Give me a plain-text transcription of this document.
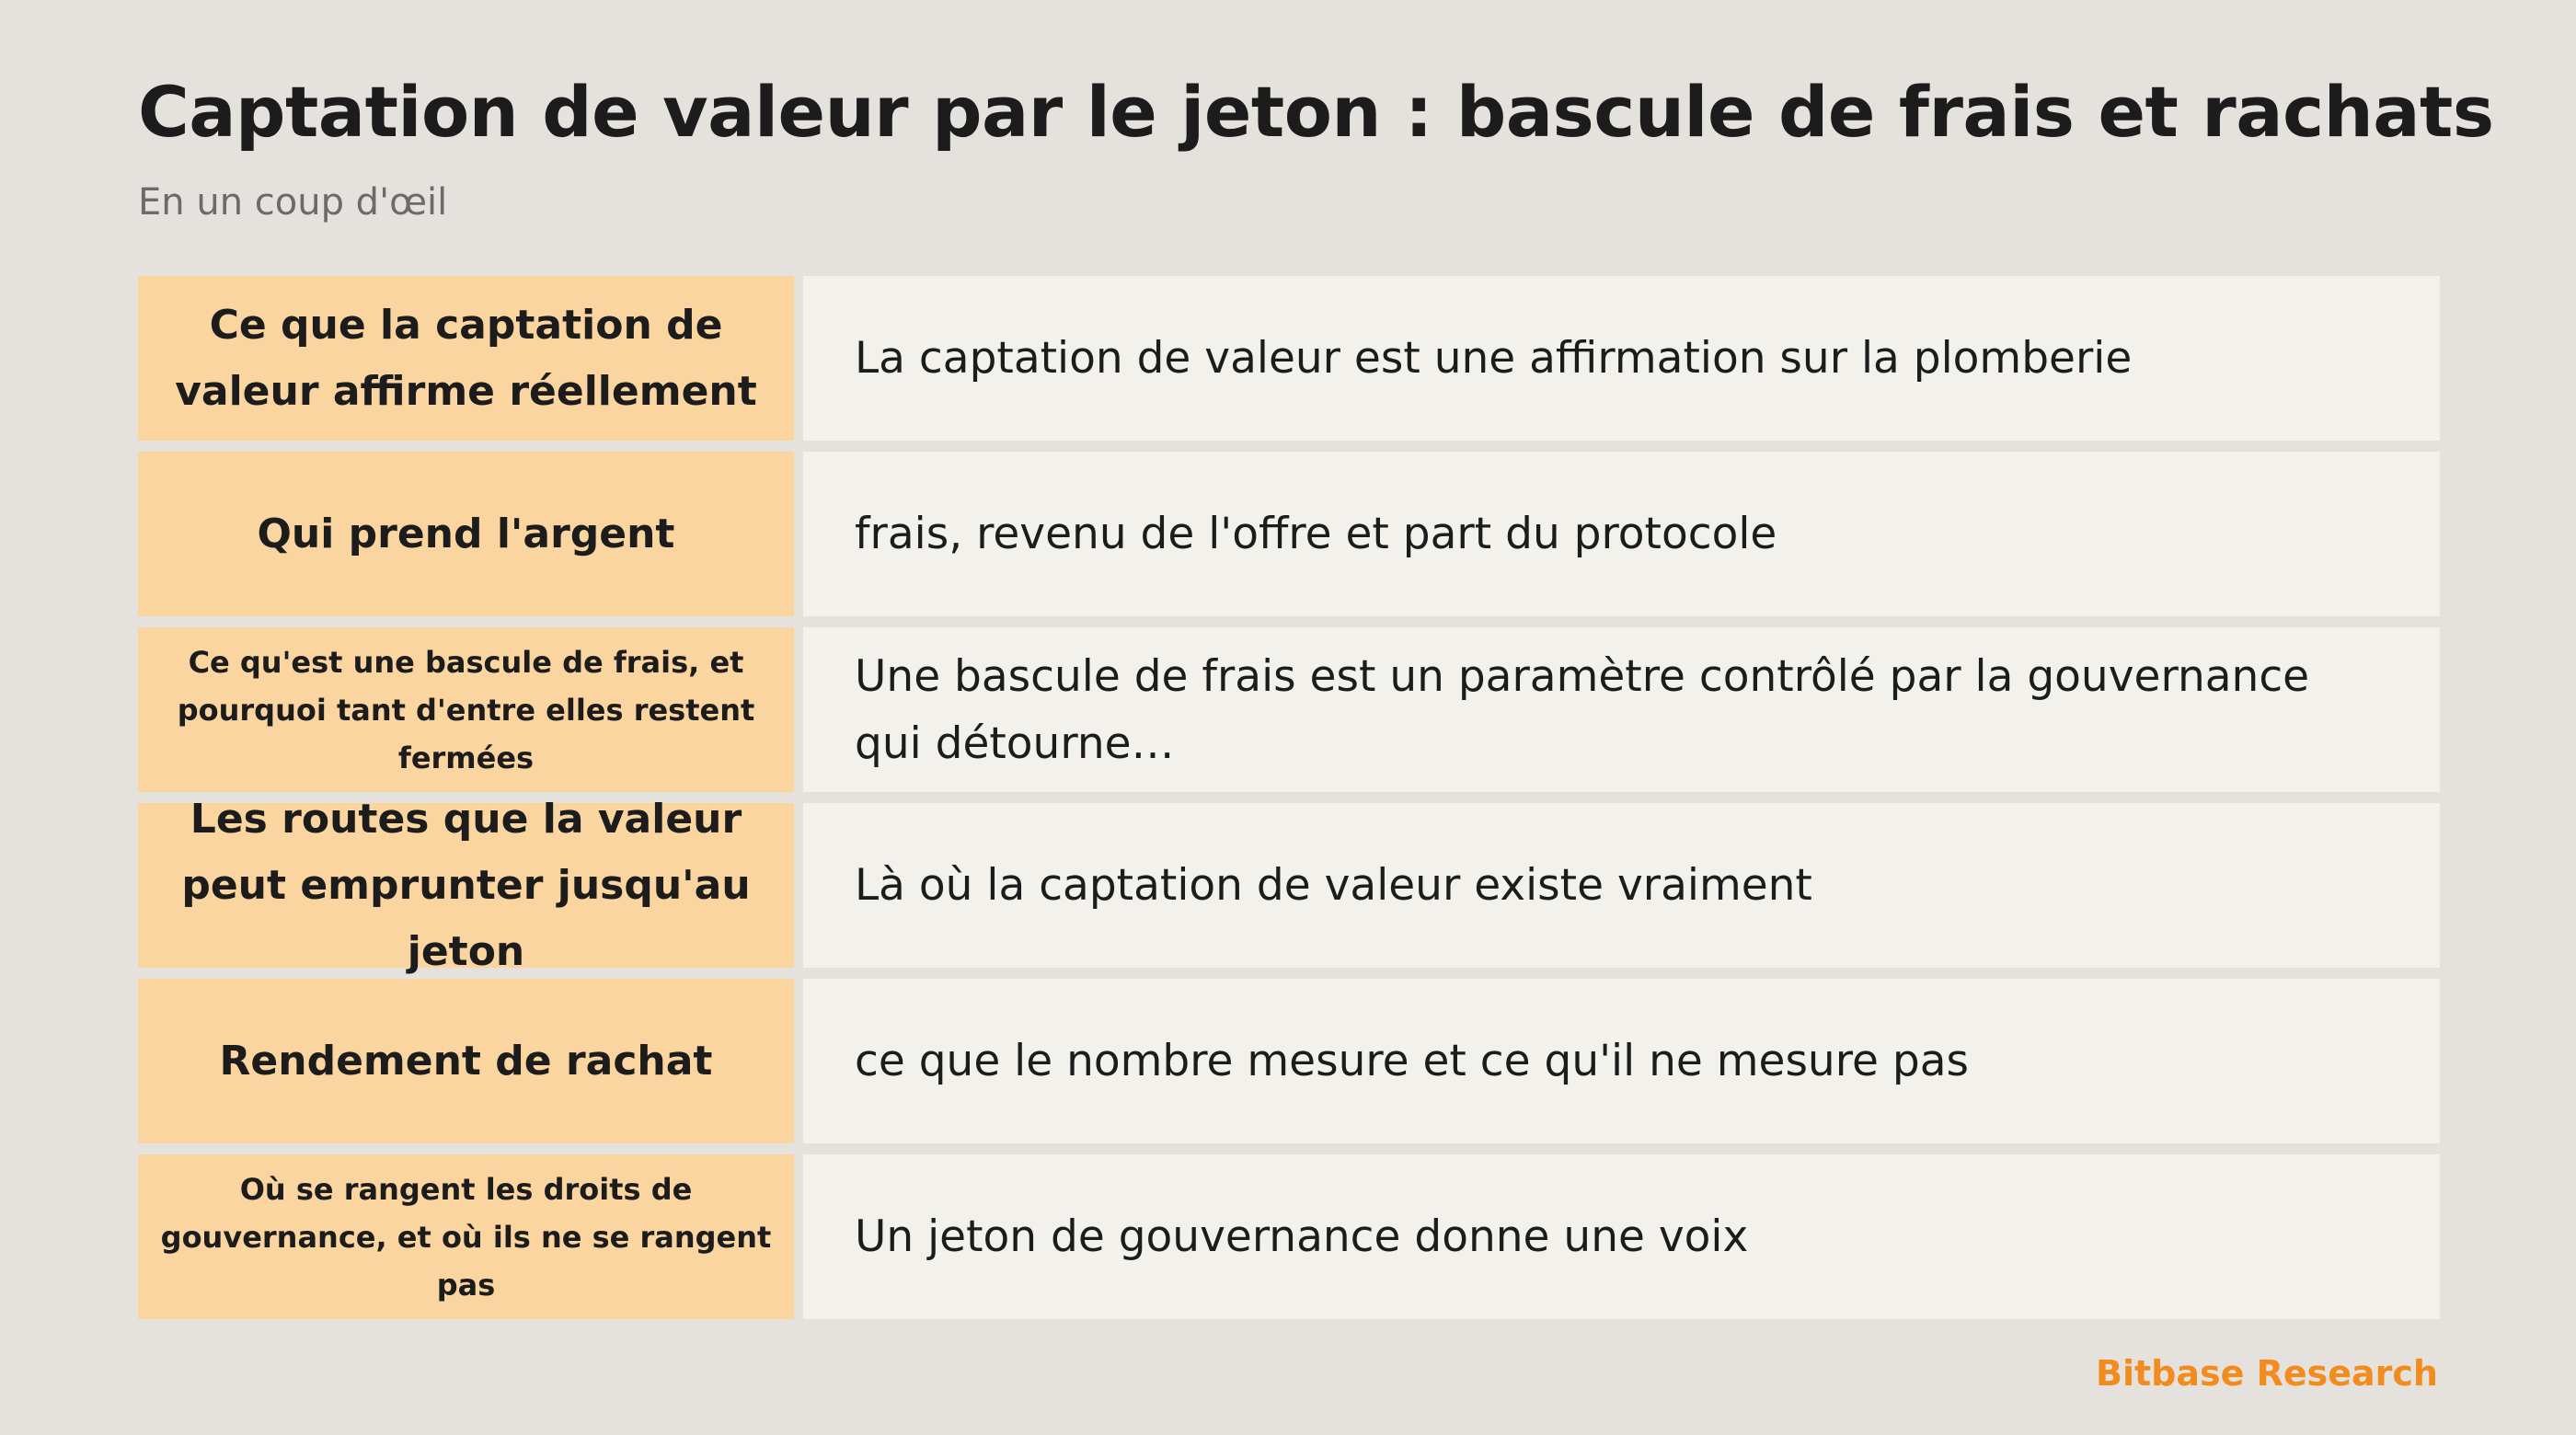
Captation de valeur par le jeton : bascule de frais et rachats

En un coup d'œil

Ce que la captation de valeur affirme réellement
La captation de valeur est une affirmation sur la plomberie
Qui prend l'argent	frais, revenu de l'offre et part du protocole
Ce qu'est une bascule de frais, et pourquoi tant d'entre elles restent fermées
Une bascule de frais est un paramètre contrôlé par la gouvernance qui détourne…
Les routes que la valeur peut emprunter jusqu'au jeton
Là où la captation de valeur existe vraiment
Rendement de rachat	ce que le nombre mesure et ce qu'il ne mesure pas
Où se rangent les droits de gouvernance, et où ils ne se rangent pas
Un jeton de gouvernance donne une voix
Bitbase Research
